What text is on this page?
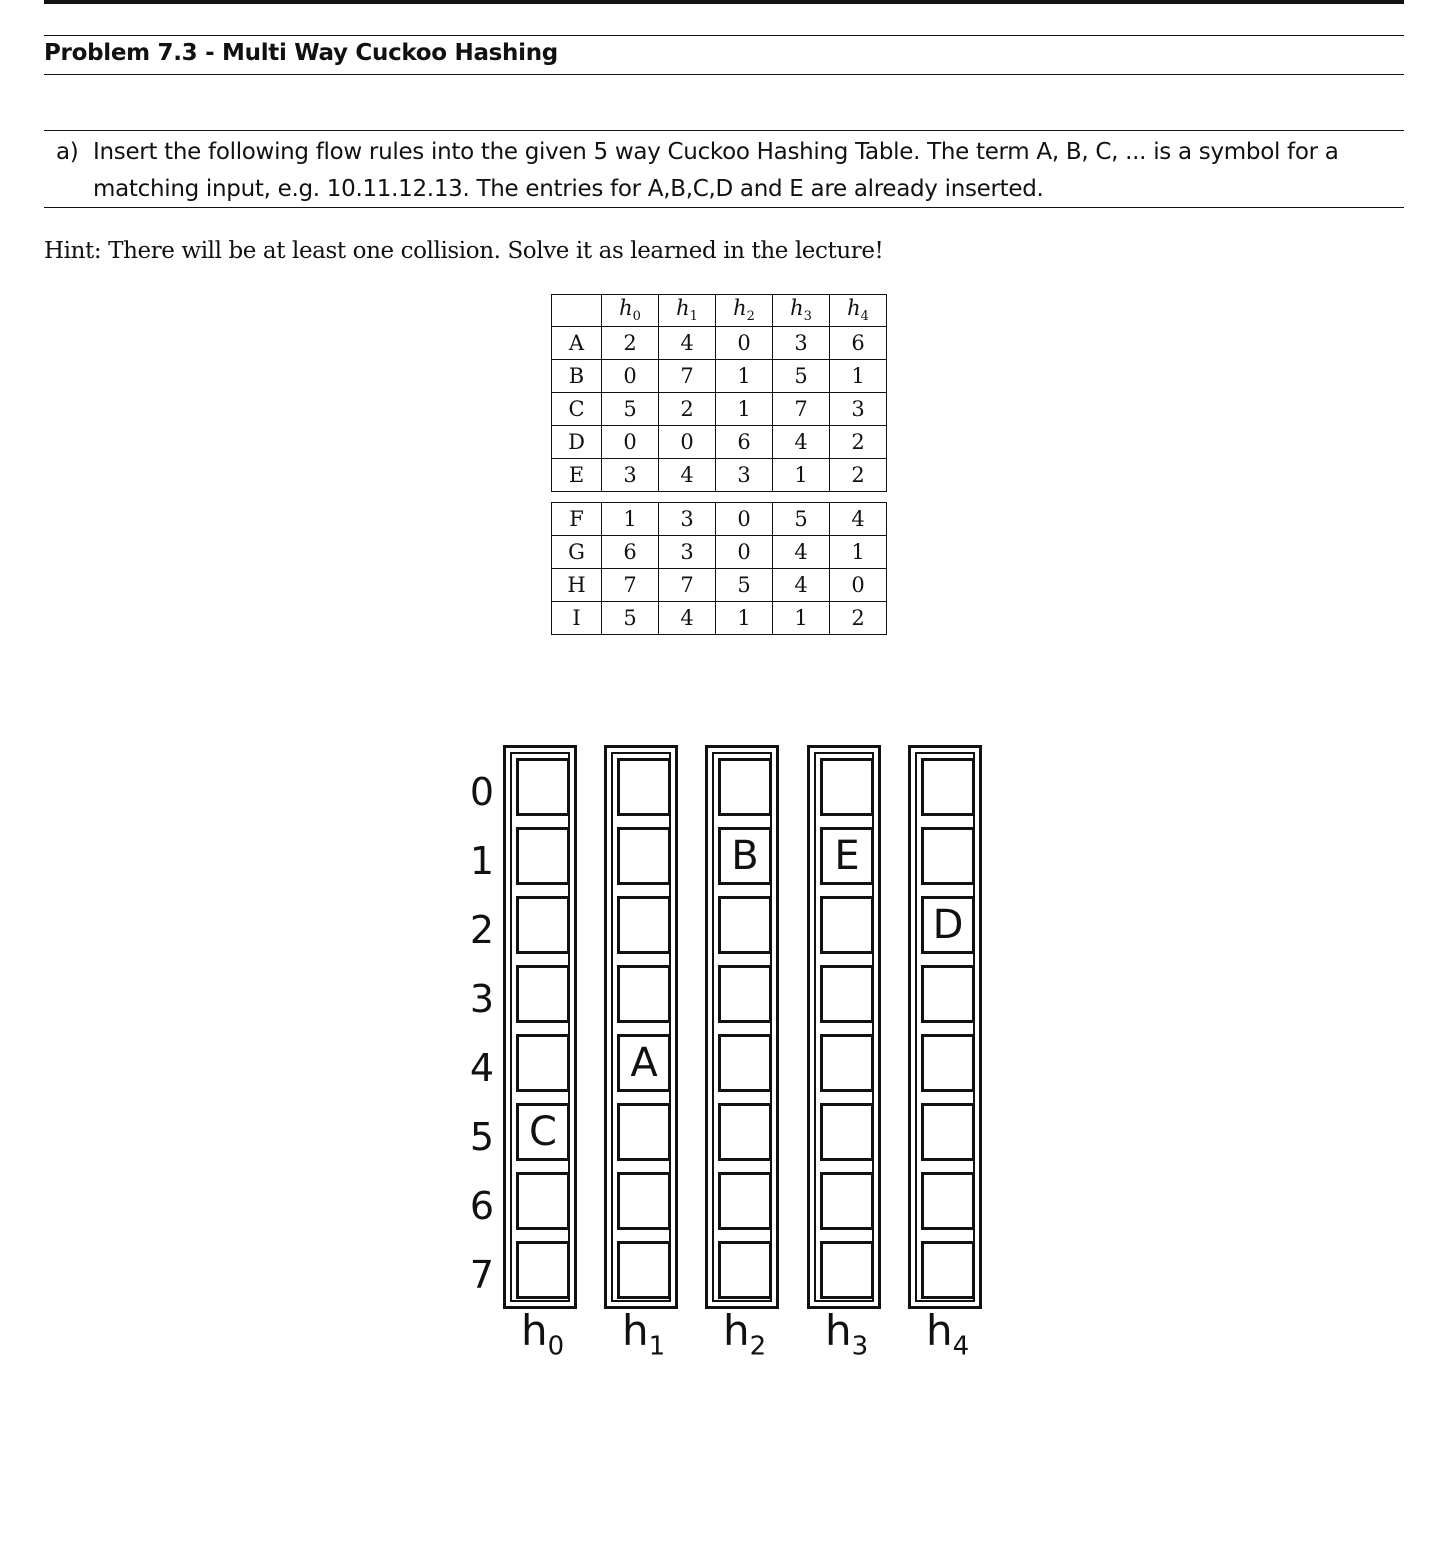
Problem 7.3 - Multi Way Cuckoo Hashing
a) Insert the following flow rules into the given 5 way Cuckoo Hashing Table. The term A, B, C, ... is a symbol for a matching input, e.g. 10.11.12.13. The entries for A,B,C,D and E are already inserted.
Hint: There will be at least one collision. Solve it as learned in the lecture!
	$h_0$	$h_1$	$h_2$	$h_3$	$h_4$
A	2	4	0	3	6
B	0	7	1	5	1
C	5	2	1	7	3
D	0	0	6	4	2
E	3	4	3	1	2
F	1	3	0	5	4
G	6	3	0	4	1
H	7	7	5	4	0
I	5	4	1	1	2
0
1
2
3
4
5
6
7
C
$h_0$
A
$h_1$
B
$h_2$
E
$h_3$
D
$h_4$
